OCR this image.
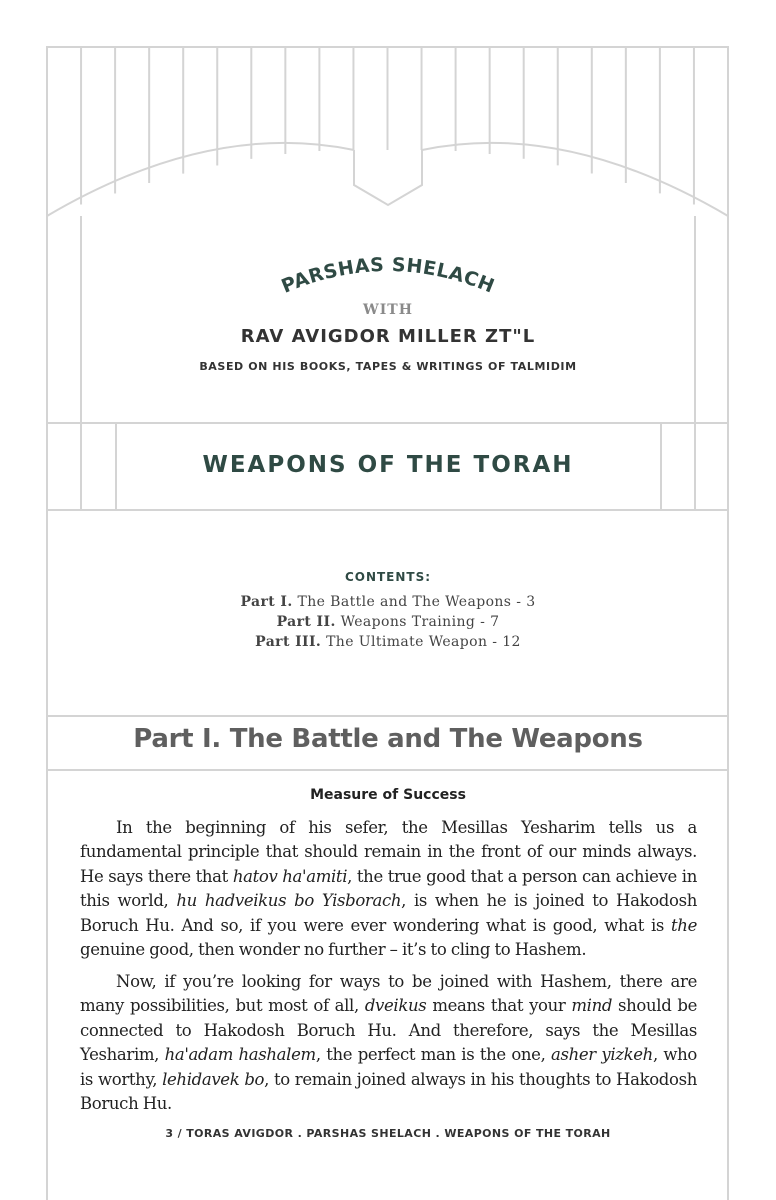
PARSHAS SHELACH
WITH
RAV AVIGDOR MILLER ZT"L
BASED ON HIS BOOKS, TAPES & WRITINGS OF TALMIDIM
WEAPONS OF THE TORAH
CONTENTS:
Part I. The Battle and The Weapons - 3
Part II. Weapons Training - 7
Part III. The Ultimate Weapon - 12
Part I. The Battle and The Weapons
Measure of Success

In the beginning of his sefer, the Mesillas Yesharim tells us a fundamental principle that should remain in the front of our minds always. He says there that hatov ha'amiti, the true good that a person can achieve in this world, hu hadveikus bo Yisborach, is when he is joined to Hakodosh Boruch Hu. And so, if you were ever wondering what is good, what is the genuine good, then wonder no further – it’s to cling to Hashem.

Now, if you’re looking for ways to be joined with Hashem, there are many possibilities, but most of all, dveikus means that your mind should be connected to Hakodosh Boruch Hu. And therefore, says the Mesillas Yesharim, ha'adam hashalem, the perfect man is the one, asher yizkeh, who is worthy, lehidavek bo, to remain joined always in his thoughts to Hakodosh Boruch Hu.

3 / TORAS AVIGDOR . PARSHAS SHELACH . WEAPONS OF THE TORAH
